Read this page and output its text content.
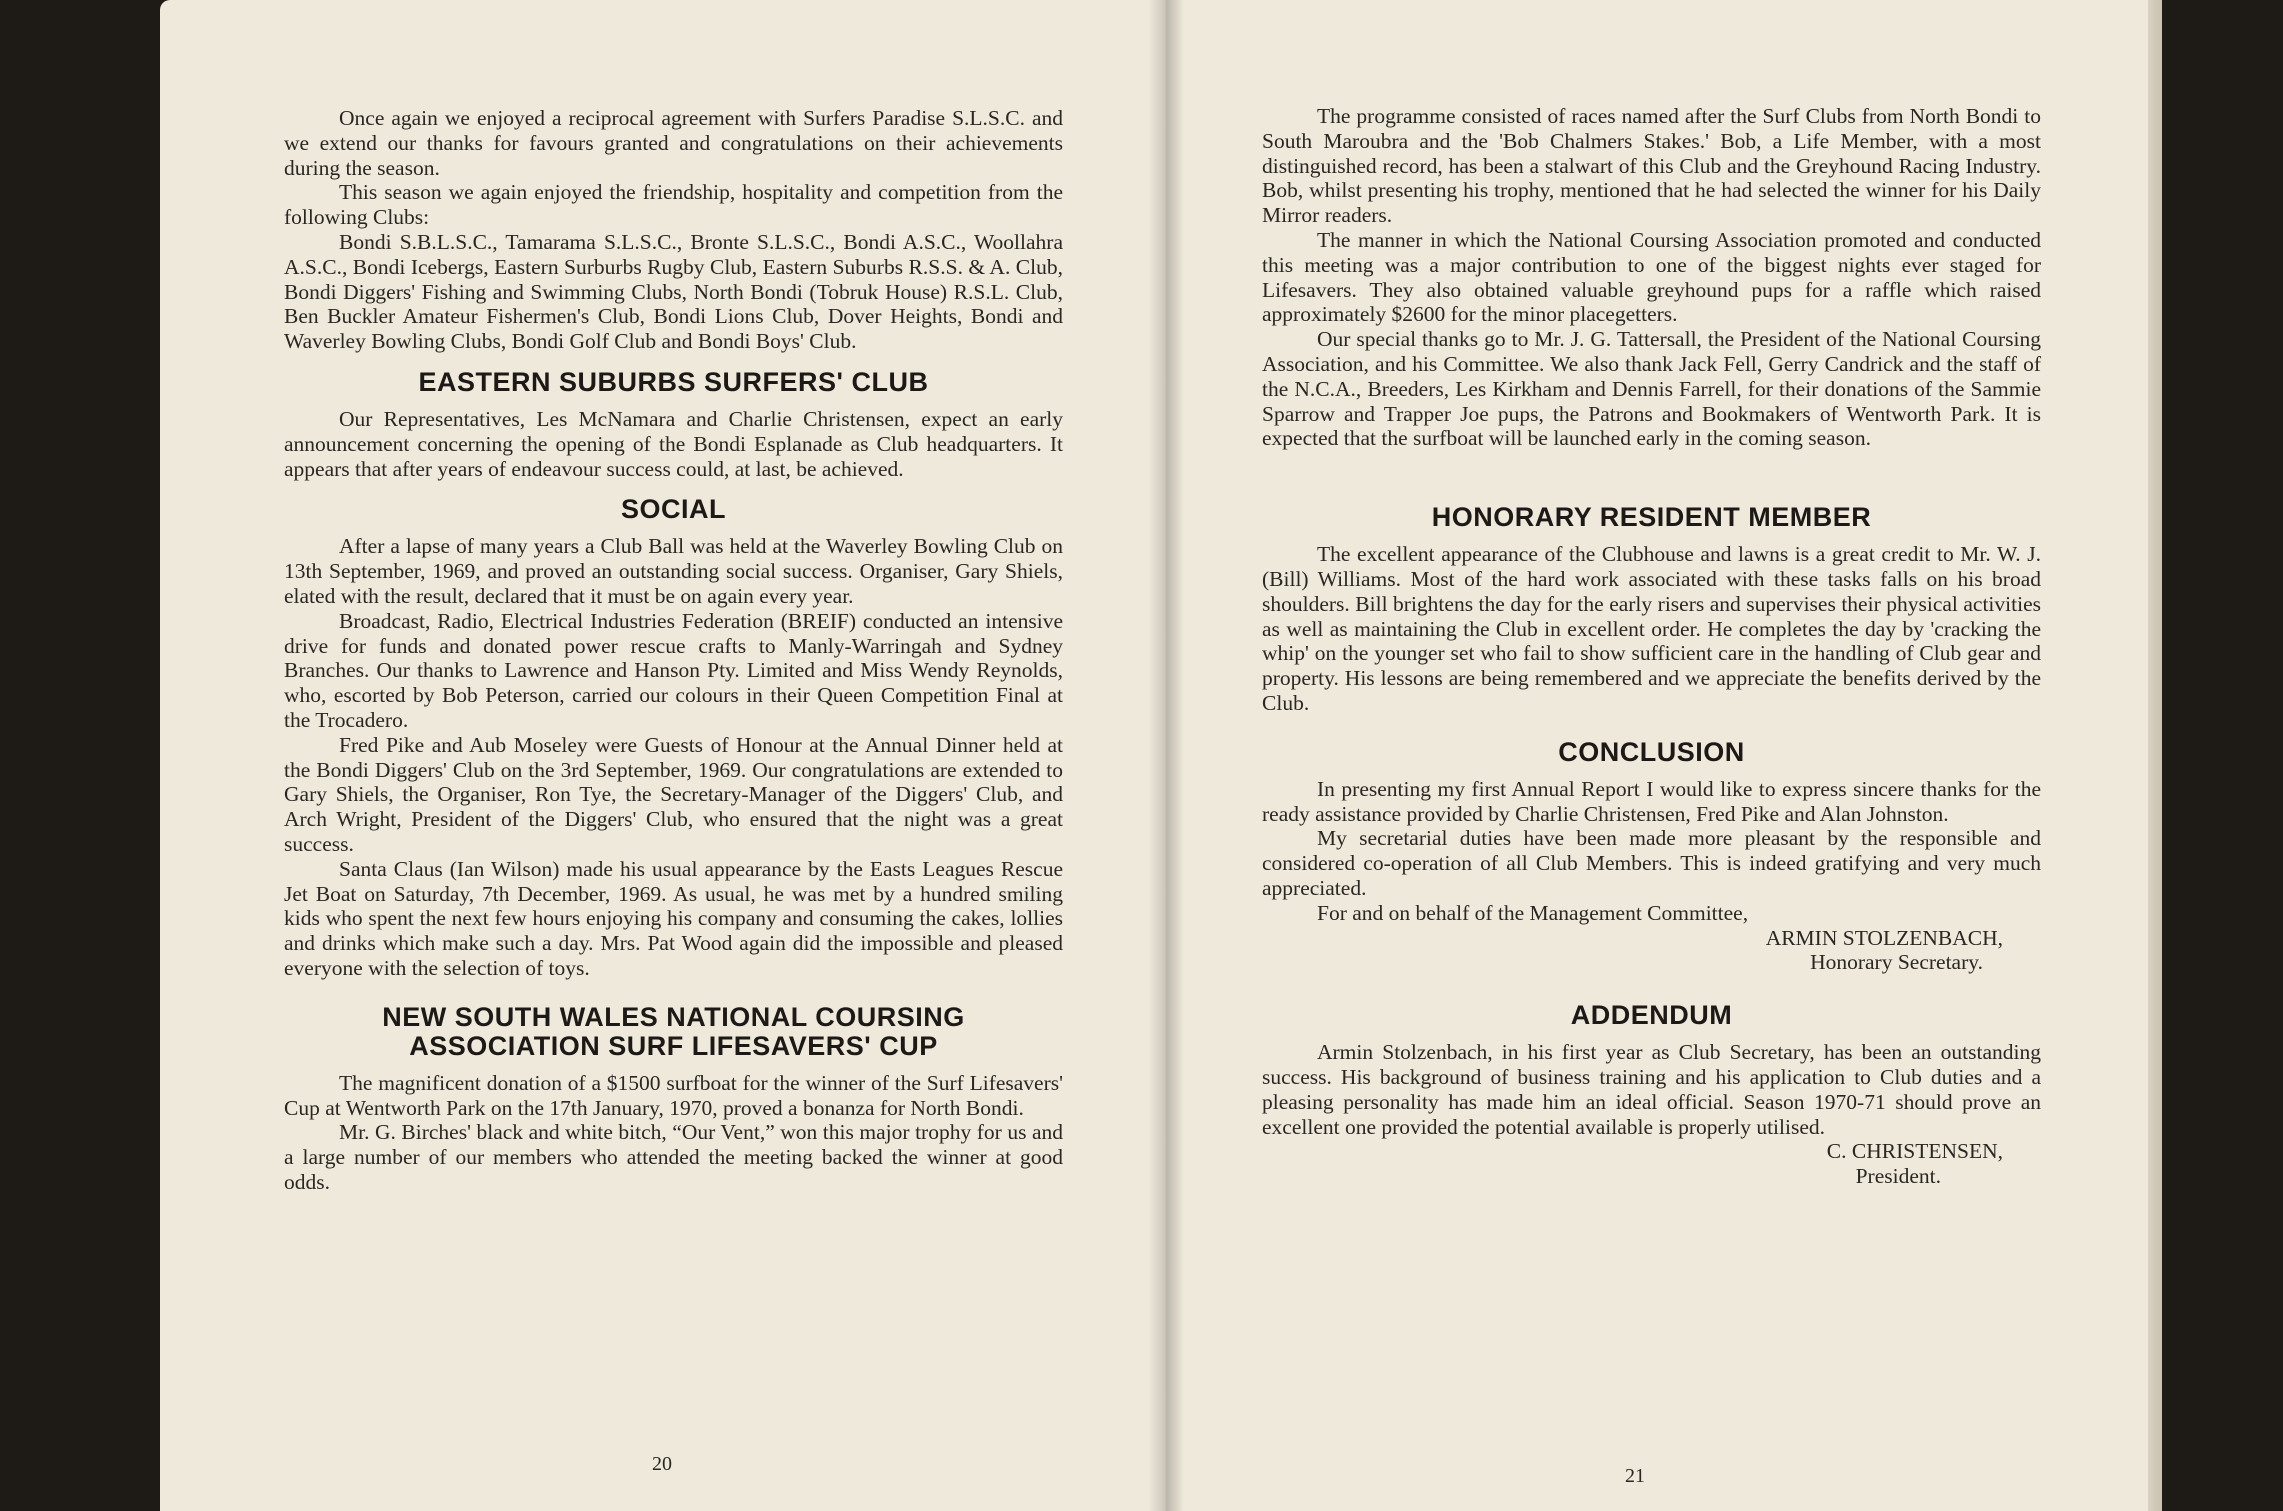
Once again we enjoyed a reciprocal agreement with Surfers Paradise S.L.S.C. and we extend our thanks for favours granted and congratulations on their achievements during the season.

This season we again enjoyed the friendship, hospitality and competition from the following Clubs:

Bondi S.B.L.S.C., Tamarama S.L.S.C., Bronte S.L.S.C., Bondi A.S.C., Woollahra A.S.C., Bondi Icebergs, Eastern Surburbs Rugby Club, Eastern Suburbs R.S.S. & A. Club, Bondi Diggers' Fishing and Swimming Clubs, North Bondi (Tobruk House) R.S.L. Club, Ben Buckler Amateur Fishermen's Club, Bondi Lions Club, Dover Heights, Bondi and Waverley Bowling Clubs, Bondi Golf Club and Bondi Boys' Club.

EASTERN SUBURBS SURFERS' CLUB

Our Representatives, Les McNamara and Charlie Christensen, expect an early announcement concerning the opening of the Bondi Esplanade as Club headquarters. It appears that after years of endeavour success could, at last, be achieved.

SOCIAL

After a lapse of many years a Club Ball was held at the Waverley Bowling Club on 13th September, 1969, and proved an outstanding social success. Organiser, Gary Shiels, elated with the result, declared that it must be on again every year.

Broadcast, Radio, Electrical Industries Federation (BREIF) conducted an intensive drive for funds and donated power rescue crafts to Manly-Warringah and Sydney Branches. Our thanks to Lawrence and Hanson Pty. Limited and Miss Wendy Reynolds, who, escorted by Bob Peterson, carried our colours in their Queen Competition Final at the Trocadero.

Fred Pike and Aub Moseley were Guests of Honour at the Annual Dinner held at the Bondi Diggers' Club on the 3rd September, 1969. Our congratulations are extended to Gary Shiels, the Organiser, Ron Tye, the Secretary-Manager of the Diggers' Club, and Arch Wright, President of the Diggers' Club, who ensured that the night was a great success.

Santa Claus (Ian Wilson) made his usual appearance by the Easts Leagues Rescue Jet Boat on Saturday, 7th December, 1969. As usual, he was met by a hundred smiling kids who spent the next few hours enjoying his company and consuming the cakes, lollies and drinks which make such a day. Mrs. Pat Wood again did the impossible and pleased everyone with the selection of toys.

NEW SOUTH WALES NATIONAL COURSING
ASSOCIATION SURF LIFESAVERS' CUP

The magnificent donation of a $1500 surfboat for the winner of the Surf Lifesavers' Cup at Wentworth Park on the 17th January, 1970, proved a bonanza for North Bondi.

Mr. G. Birches' black and white bitch, “Our Vent,” won this major trophy for us and a large number of our members who attended the meeting backed the winner at good odds.

20

The programme consisted of races named after the Surf Clubs from North Bondi to South Maroubra and the 'Bob Chalmers Stakes.' Bob, a Life Member, with a most distinguished record, has been a stalwart of this Club and the Greyhound Racing Industry. Bob, whilst presenting his trophy, mentioned that he had selected the winner for his Daily Mirror readers.

The manner in which the National Coursing Association promoted and conducted this meeting was a major contribution to one of the biggest nights ever staged for Lifesavers. They also obtained valuable greyhound pups for a raffle which raised approximately $2600 for the minor placegetters.

Our special thanks go to Mr. J. G. Tattersall, the President of the National Coursing Association, and his Committee. We also thank Jack Fell, Gerry Candrick and the staff of the N.C.A., Breeders, Les Kirkham and Dennis Farrell, for their donations of the Sammie Sparrow and Trapper Joe pups, the Patrons and Bookmakers of Wentworth Park. It is expected that the surfboat will be launched early in the coming season.

HONORARY RESIDENT MEMBER

The excellent appearance of the Clubhouse and lawns is a great credit to Mr. W. J. (Bill) Williams. Most of the hard work associated with these tasks falls on his broad shoulders. Bill brightens the day for the early risers and supervises their physical activities as well as maintaining the Club in excellent order. He completes the day by 'cracking the whip' on the younger set who fail to show sufficient care in the handling of Club gear and property. His lessons are being remembered and we appreciate the benefits derived by the Club.

CONCLUSION

In presenting my first Annual Report I would like to express sincere thanks for the ready assistance provided by Charlie Christensen, Fred Pike and Alan Johnston.

My secretarial duties have been made more pleasant by the responsible and considered co-operation of all Club Members. This is indeed gratifying and very much appreciated.

For and on behalf of the Management Committee,

ARMIN STOLZENBACH,

Honorary Secretary.

ADDENDUM

Armin Stolzenbach, in his first year as Club Secretary, has been an outstanding success. His background of business training and his application to Club duties and a pleasing personality has made him an ideal official. Season 1970-71 should prove an excellent one provided the potential available is properly utilised.

C. CHRISTENSEN,

President.

21
